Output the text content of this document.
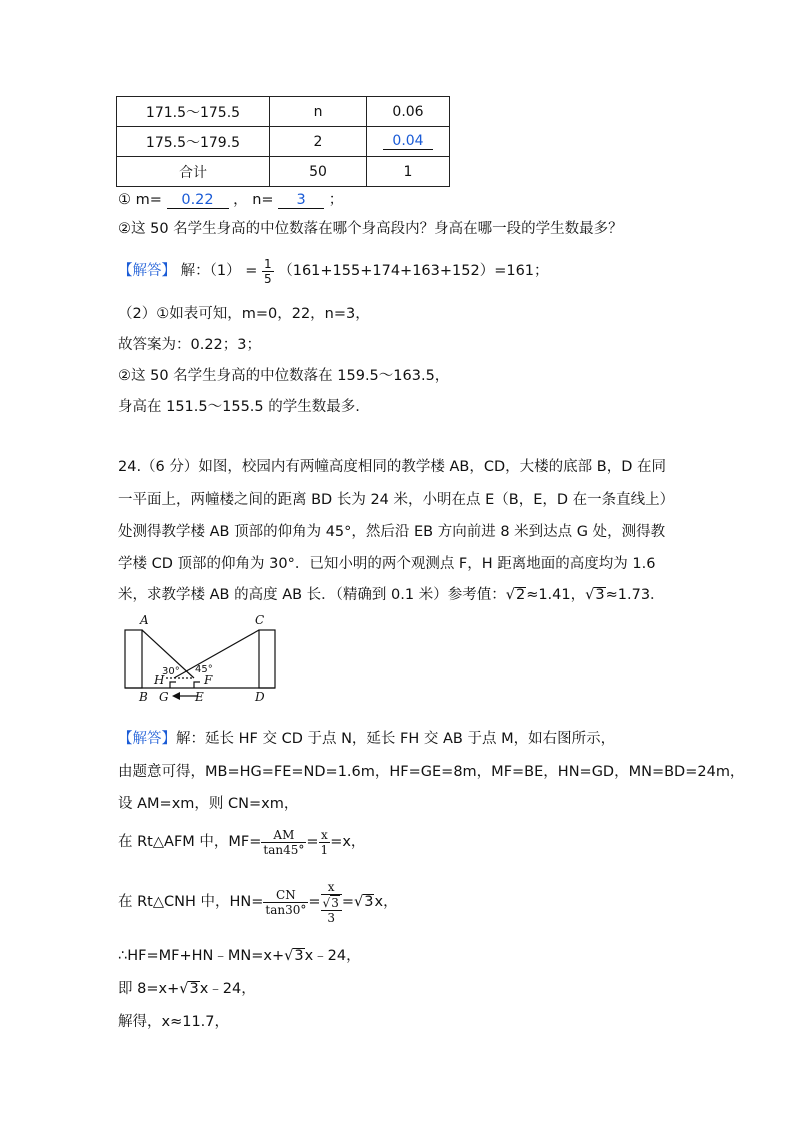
171.5～175.5	n	0.06
175.5～179.5	2	0.04
合计	50	1
① m= 0.22 ， n= 3 ；
②这 50 名学生身高的中位数落在哪个身高段内？身高在哪一段的学生数最多？
【解答】 解：$(1) = \frac{1}{5} (161+155+174+163+152)=161$；
（2）①如表可知，m=0，22，n=3，
故答案为：0.22；3；
②这 50 名学生身高的中位数落在 159.5～163.5，
身高在 151.5～155.5 的学生数最多.
24.（6 分）如图，校园内有两幢高度相同的教学楼 AB，CD，大楼的底部 B，D 在同
一平面上，两幢楼之间的距离 BD 长为 24 米，小明在点 E（B，E，D 在一条直线上）
处测得教学楼 AB 顶部的仰角为 45°，然后沿 EB 方向前进 8 米到达点 G 处，测得教
学楼 CD 顶部的仰角为 30°．已知小明的两个观测点 F，H 距离地面的高度均为 1.6
米，求教学楼 AB 的高度 AB 长．（精确到 0.1 米）参考值：√2≈1.41，√3≈1.73．
A	C
B G E	D
H	F
30° 45°
【解答】解：延长 HF 交 CD 于点 N，延长 FH 交 AB 于点 M，如右图所示，
由题意可得，MB=HG=FE=ND=1.6m，HF=GE=8m，MF=BE，HN=GD，MN=BD=24m，
设 AM=xm，则 CN=xm，
在 Rt△AFM 中，$MF= \frac{AM}{\tan 45^\circ} = \frac{x}{1} =x$，
在 Rt△CNH 中，$HN= \frac{CN}{\tan 30^\circ}$ =
x
√3
3
=√3x，
∴HF=MF+HN﹣MN=x+√3x﹣24，
即 8=x+√3x﹣24，
解得，x≈11.7，
